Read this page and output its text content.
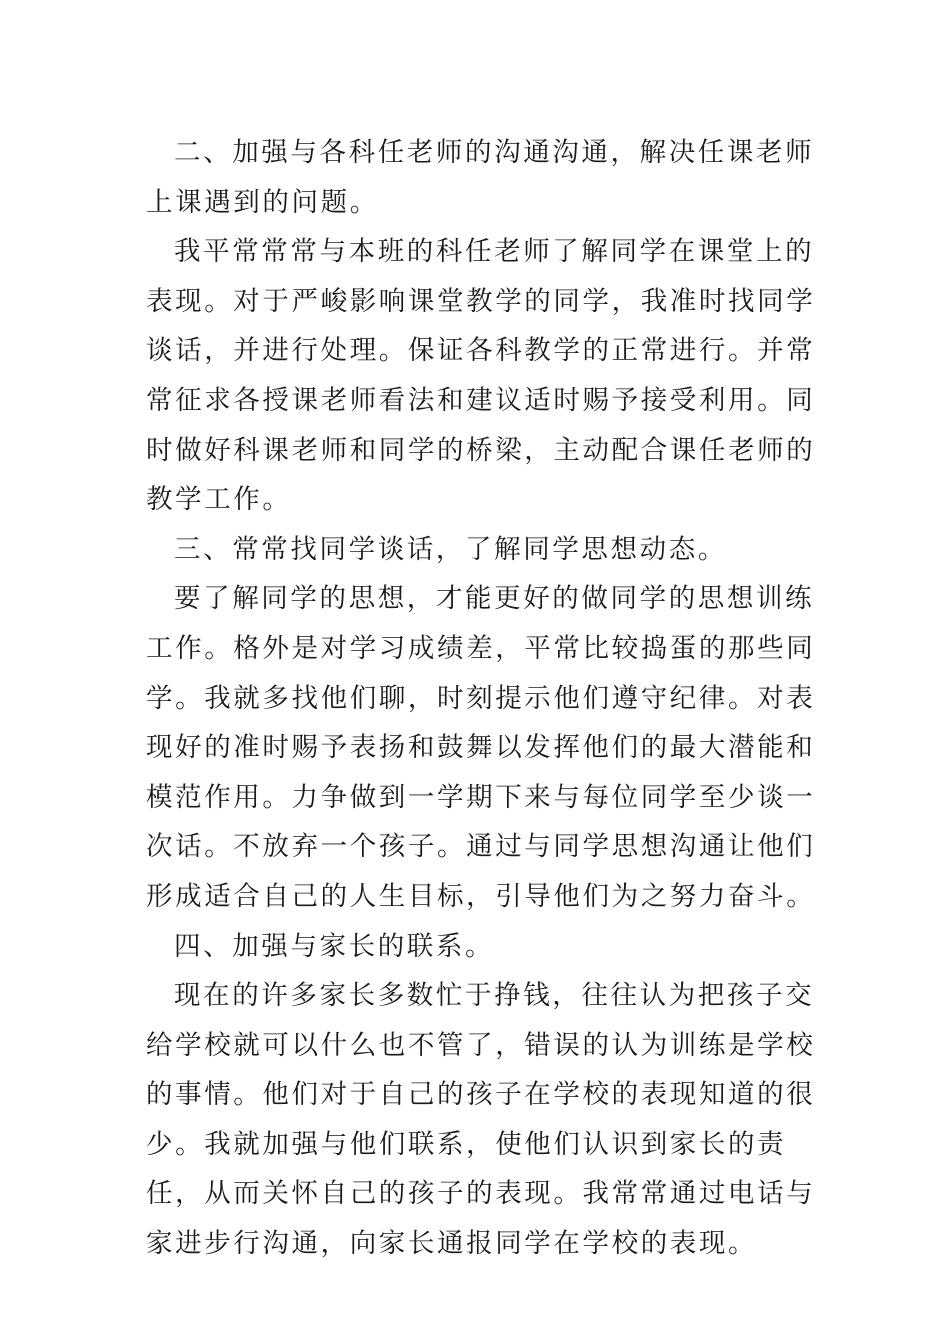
二、加强与各科任老师的沟通沟通，解决任课老师上课遇到的问题。

我平常常常与本班的科任老师了解同学在课堂上的表现。对于严峻影响课堂教学的同学，我准时找同学谈话，并进行处理。保证各科教学的正常进行。并常常征求各授课老师看法和建议适时赐予接受利用。同时做好科课老师和同学的桥梁，主动配合课任老师的教学工作。

三、常常找同学谈话，了解同学思想动态。

要了解同学的思想，才能更好的做同学的思想训练工作。格外是对学习成绩差，平常比较捣蛋的那些同学。我就多找他们聊，时刻提示他们遵守纪律。对表现好的准时赐予表扬和鼓舞以发挥他们的最大潜能和模范作用。力争做到一学期下来与每位同学至少谈一次话。不放弃一个孩子。通过与同学思想沟通让他们形成适合自己的人生目标，引导他们为之努力奋斗。

四、加强与家长的联系。

现在的许多家长多数忙于挣钱，往往认为把孩子交给学校就可以什么也不管了，错误的认为训练是学校的事情。他们对于自己的孩子在学校的表现知道的很少。我就加强与他们联系，使他们认识到家长的责任，从而关怀自己的孩子的表现。我常常通过电话与家进步行沟通，向家长通报同学在学校的表现。
